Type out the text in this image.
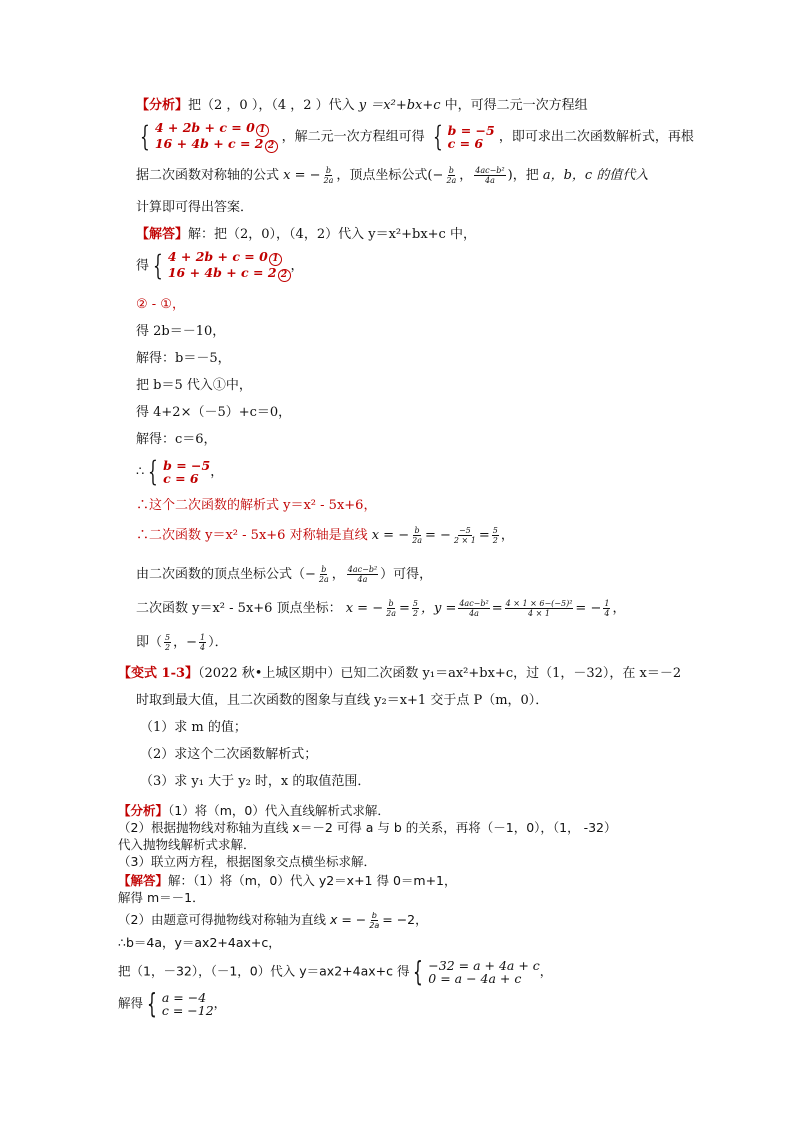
【分析】把（2 ，0 ），（4 ，2 ）代入 y ＝x²+bx+c 中，可得二元一次方程组
{ 4 + 2b + c = 0 1
16 + 4b + c = 2 2
，解二元一次方程组可得 { b = −5
c = 6	，即可求出二次函数解析式，再根
据二次函数对称轴的公式 x = − $\frac{b}{2a}$ ，顶点坐标公式(− $\frac{b}{2a}$ ， $\frac{\text{4ac−b²}}{4a}$ )，把 a，b，c 的值代入
计算即可得出答案．
【解答】解：把（2，0），（4，2）代入 y＝x²+bx+c 中，
得 { 4 + 2b + c = 0 1
16 + 4b + c = 2 2
，
② - ①，
得 2b＝－10，
解得：b＝－5，
把 b＝5 代入①中，
得 4+2×（－5）+c＝0，
解得：c＝6，
∴ { b = −5
c = 6 ，
∴这个二次函数的解析式 y＝x² - 5x+6，
∴二次函数 y＝x² - 5x+6 对称轴是直线 x = − $\frac{b}{2a}$ = − $\frac{-5}{2 \times 1} = \frac{5}{2}$ ，
由二次函数的顶点坐标公式（− $\frac{b}{2a}$ ， $\frac{\text{4ac−b²}}{4a}$ ）可得，
二次函数 y＝x² - 5x+6 顶点坐标： x = − $\frac{b}{2a} = \frac{5}{2}$ ，$y = \frac{\text{4ac−b²}}{4a} = \frac{\text{4 × 1 × 6−(−5)²}}{4 \times 1}$ = − $\frac{1}{4}$ ，
即（ $\frac{5}{2}$ ，− $\frac{1}{4}$ ）．
【变式 1-3】（2022 秋•上城区期中）已知二次函数 y₁＝ax²+bx+c，过（1，－32），在 x＝－2
时取到最大值，且二次函数的图象与直线 y₂＝x+1 交于点 P（m，0）．
（1）求 m 的值；
（2）求这个二次函数解析式；
（3）求 y₁ 大于 y₂ 时，x 的取值范围．
【分析】（1）将（m，0）代入直线解析式求解．
（2）根据抛物线对称轴为直线 x＝－2 可得 a 与 b 的关系，再将（－1，0），（1， -32）
代入抛物线解析式求解．
（3）联立两方程，根据图象交点横坐标求解．
【解答】解：（1）将（m，0）代入 y2＝x+1 得 0＝m+1，
解得 m＝－1．
（2）由题意可得抛物线对称轴为直线 x = − $\frac{b}{2a} = -2$，
∴b＝4a，y＝ax2+4ax+c，
把（1，－32），（－1，0）代入 y＝ax2+4ax+c 得 { −32 = a + 4a + c
0 = a − 4a + c	，
解得 { a = −4
c = −12 ，
